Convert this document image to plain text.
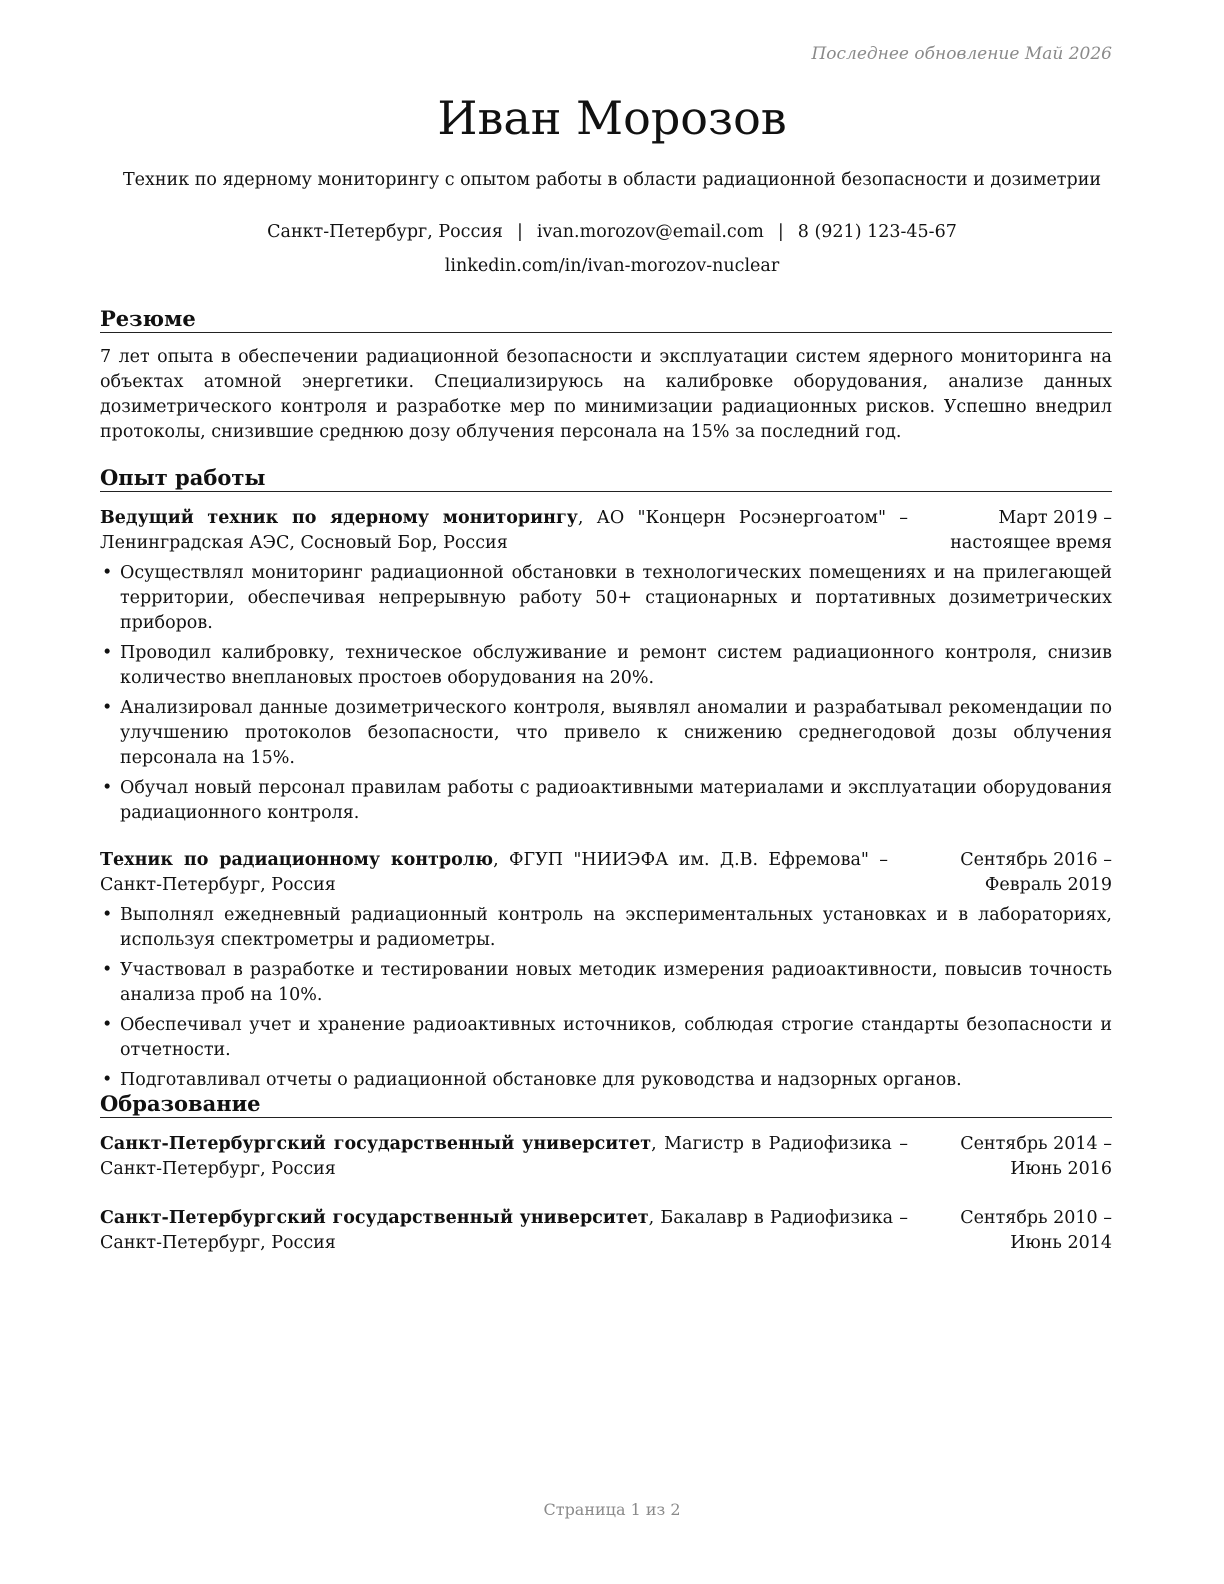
Последнее обновление Май 2026
Иван Морозов
Техник по ядерному мониторингу с опытом работы в области радиационной безопасности и дозиметрии
Санкт-Петербург, Россия | ivan.morozov@email.com | 8 (921) 123-45-67
linkedin.com/in/ivan-morozov-nuclear
Резюме
7 лет опыта в обеспечении радиационной безопасности и эксплуатации систем ядерного мониторинга на объектах атомной энергетики. Специализируюсь на калибровке оборудования, анализе данных дозиметрического контроля и разработке мер по минимизации радиационных рисков. Успешно внедрил протоколы, снизившие среднюю дозу облучения персонала на 15% за последний год.
Опыт работы
Ведущий техник по ядерному мониторингу, АО "Концерн Росэнергоатом" – Ленинградская АЭС, Сосновый Бор, Россия
Март 2019 – настоящее время
• Осуществлял мониторинг радиационной обстановки в технологических помещениях и на прилегающей территории, обеспечивая непрерывную работу 50+ стационарных и портативных дозиметрических приборов.
• Проводил калибровку, техническое обслуживание и ремонт систем радиационного контроля, снизив количество внеплановых простоев оборудования на 20%.
• Анализировал данные дозиметрического контроля, выявлял аномалии и разрабатывал рекомендации по улучшению протоколов безопасности, что привело к снижению среднегодовой дозы облучения персонала на 15%.
• Обучал новый персонал правилам работы с радиоактивными материалами и эксплуатации оборудования радиационного контроля.
Техник по радиационному контролю, ФГУП "НИИЭФА им. Д.В. Ефремова" – Санкт-Петербург, Россия
Сентябрь 2016 – Февраль 2019
• Выполнял ежедневный радиационный контроль на экспериментальных установках и в лабораториях, используя спектрометры и радиометры.
• Участвовал в разработке и тестировании новых методик измерения радиоактивности, повысив точность анализа проб на 10%.
• Обеспечивал учет и хранение радиоактивных источников, соблюдая строгие стандарты безопасности и отчетности.
• Подготавливал отчеты о радиационной обстановке для руководства и надзорных органов.
Образование
Санкт-Петербургский государственный университет, Магистр в Радиофизика – Санкт-Петербург, Россия
Сентябрь 2014 – Июнь 2016
Санкт-Петербургский государственный университет, Бакалавр в Радиофизика – Санкт-Петербург, Россия
Сентябрь 2010 – Июнь 2014
Страница 1 из 2
